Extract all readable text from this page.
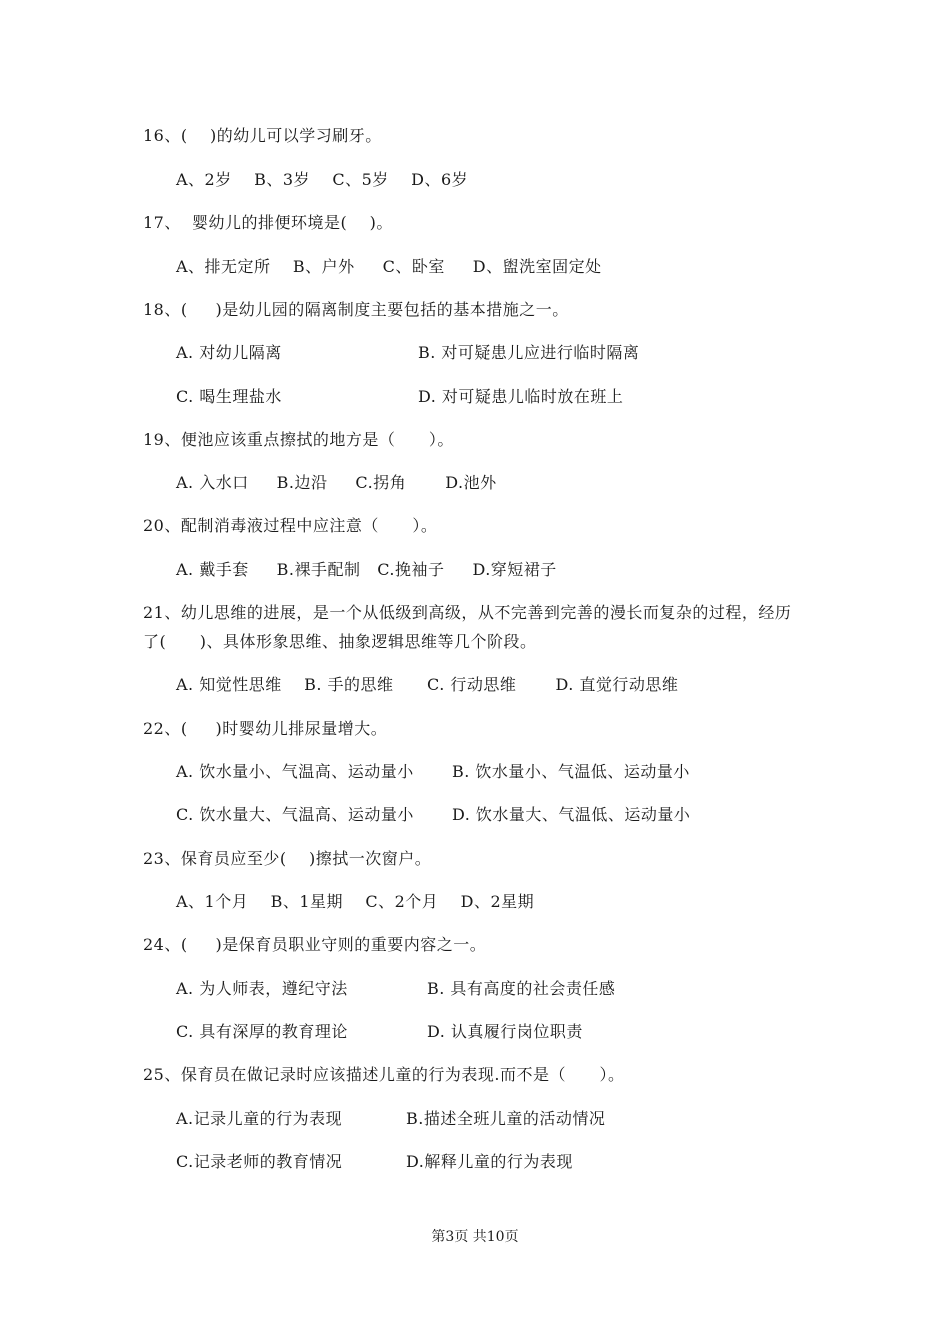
16、(    )的幼儿可以学习刷牙。
A、2岁    B、3岁    C、5岁    D、6岁
17、  婴幼儿的排便环境是(    )。
A、排无定所    B、户外     C、卧室     D、盥洗室固定处
18、(     )是幼儿园的隔离制度主要包括的基本措施之一。
A. 对幼儿隔离	B. 对可疑患儿应进行临时隔离
C. 喝生理盐水	D. 对可疑患儿临时放在班上
19、便池应该重点擦拭的地方是（      ）。
A. 入水口     B.边沿     C.拐角       D.池外
20、配制消毒液过程中应注意（      ）。
A. 戴手套     B.裸手配制   C.挽袖子     D.穿短裙子
21、幼儿思维的进展，是一个从低级到高级，从不完善到完善的漫长而复杂的过程，经历
了(      )、具体形象思维、抽象逻辑思维等几个阶段。
A. 知觉性思维    B. 手的思维      C. 行动思维       D. 直觉行动思维
22、(     )时婴幼儿排尿量增大。
A. 饮水量小、气温高、运动量小 B. 饮水量小、气温低、运动量小
C. 饮水量大、气温高、运动量小 D. 饮水量大、气温低、运动量小
23、保育员应至少(    )擦拭一次窗户。
A、1个月    B、1星期    C、2个月    D、2星期
24、(     )是保育员职业守则的重要内容之一。
A. 为人师表，遵纪守法	B. 具有高度的社会责任感
C. 具有深厚的教育理论	D. 认真履行岗位职责
25、保育员在做记录时应该描述儿童的行为表现.而不是（      ）。
A.记录儿童的行为表现	B.描述全班儿童的活动情况
C.记录老师的教育情况	D.解释儿童的行为表现
第3页 共10页
